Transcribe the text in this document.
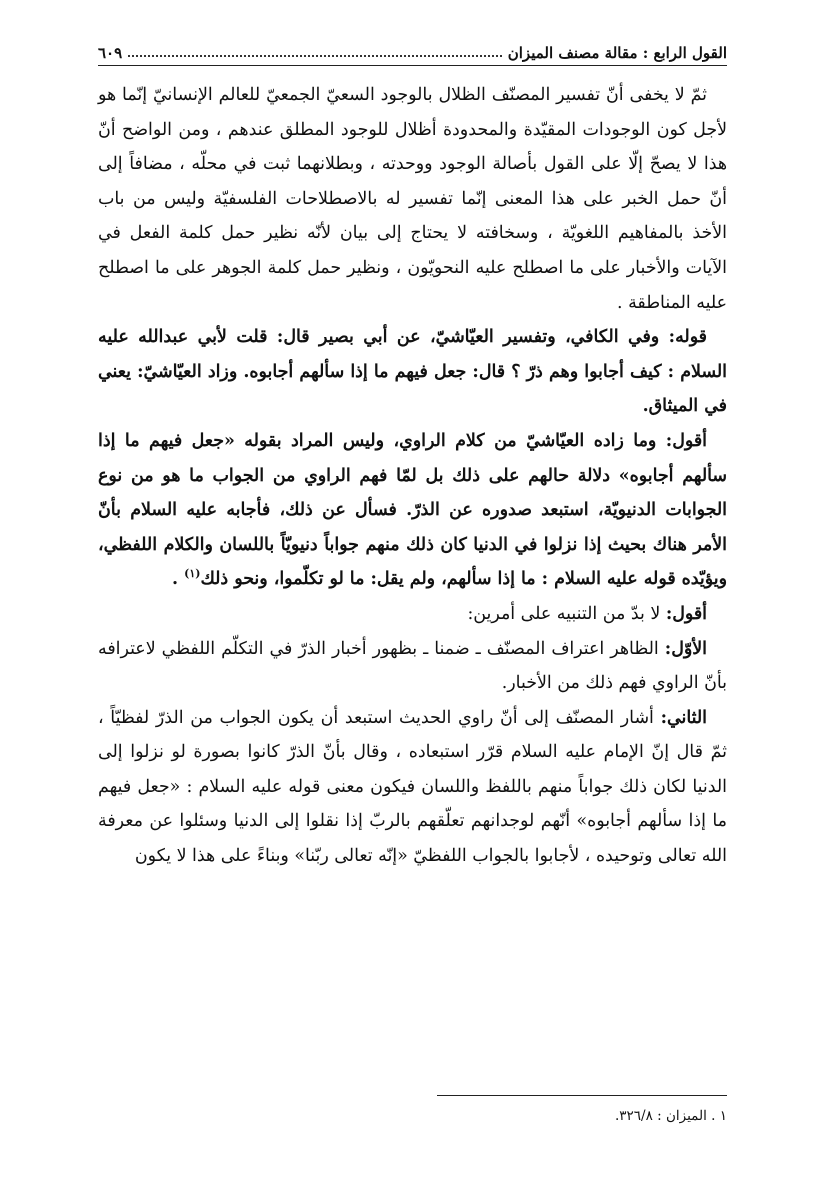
القول الرابع : مقالة مصنف الميزان
٦٠٩

ثمّ لا يخفى أنّ تفسير المصنّف الظلال بالوجود السعيّ الجمعيّ للعالم الإنسانيّ إنّما هو لأجل كون الوجودات المقيّدة والمحدودة أظلال للوجود المطلق عندهم ، ومن الواضح أنّ هذا لا يصحّ إلّا على القول بأصالة الوجود ووحدته ، وبطلانهما ثبت في محلّه ، مضافاً إلى أنّ حمل الخبر على هذا المعنى إنّما تفسير له بالاصطلاحات الفلسفيّة وليس من باب الأخذ بالمفاهيم اللغويّة ، وسخافته لا يحتاج إلى بيان لأنّه نظير حمل كلمة الفعل في الآيات والأخبار على ما اصطلح عليه النحويّون ، ونظير حمل كلمة الجوهر على ما اصطلح عليه المناطقة .

قوله: وفي الكافي، وتفسير العيّاشيّ، عن أبي بصير قال: قلت لأبي عبدالله عليه السلام : كيف أجابوا وهم ذرّ ؟ قال: جعل فيهم ما إذا سألهم أجابوه. وزاد العيّاشيّ: يعني في الميثاق.

أقول: وما زاده العيّاشيّ من كلام الراوي، وليس المراد بقوله «جعل فيهم ما إذا سألهم أجابوه» دلالة حالهم على ذلك بل لمّا فهم الراوي من الجواب ما هو من نوع الجوابات الدنيويّة، استبعد صدوره عن الذرّ. فسأل عن ذلك، فأجابه عليه السلام بأنّ الأمر هناك بحيث إذا نزلوا في الدنيا كان ذلك منهم جواباً دنيويّاً باللسان والكلام اللفظي، ويؤيّده قوله عليه السلام : ما إذا سألهم، ولم يقل: ما لو تكلّموا، ونحو ذلك$^{(١)}$ .

أقول: لا بدّ من التنبيه على أمرين:

الأوّل: الظاهر اعتراف المصنّف ـ ضمنا ـ بظهور أخبار الذرّ في التكلّم اللفظي لاعترافه بأنّ الراوي فهم ذلك من الأخبار.

الثاني: أشار المصنّف إلى أنّ راوي الحديث استبعد أن يكون الجواب من الذرّ لفظيّاً ، ثمّ قال إنّ الإمام عليه السلام قرّر استبعاده ، وقال بأنّ الذرّ كانوا بصورة لو نزلوا إلى الدنيا لكان ذلك جواباً منهم باللفظ واللسان فيكون معنى قوله عليه السلام : «جعل فيهم ما إذا سألهم أجابوه» أنّهم لوجدانهم تعلّقهم بالربّ إذا نقلوا إلى الدنيا وسئلوا عن معرفة الله تعالى وتوحيده ، لأجابوا بالجواب اللفظيّ «إنّه تعالى ربّنا» وبناءً على هذا لا يكون

١ . الميزان : ٣٢٦/٨.
